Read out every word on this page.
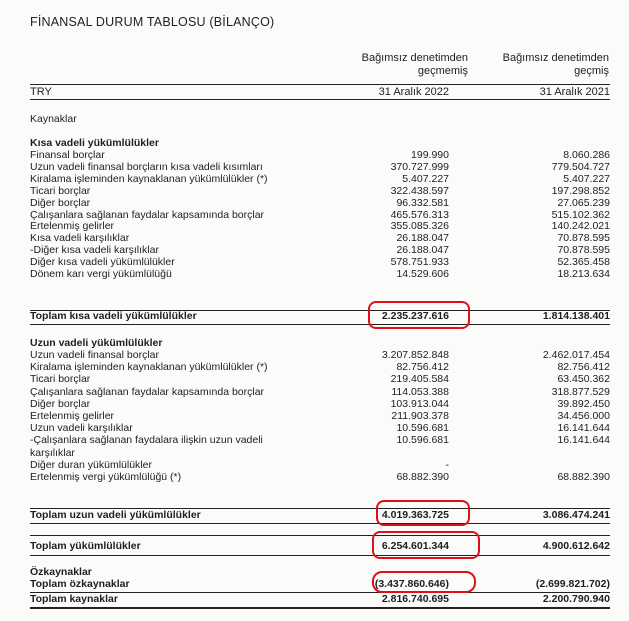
FİNANSAL DURUM TABLOSU (BİLANÇO)
Bağımsız denetimden
geçmemiş
Bağımsız denetimden
geçmiş
TRY	31 Aralık 2022	31 Aralık 2021
Kaynaklar
Kısa vadeli yükümlülükler
Finansal borçlar	199.990	8.060.286
Uzun vadeli finansal borçların kısa vadeli kısımları	370.727.999	779.504.727
Kiralama işleminden kaynaklanan yükümlülükler (*)	5.407.227	5.407.227
Ticari borçlar	322.438.597	197.298.852
Diğer borçlar	96.332.581	27.065.239
Çalışanlara sağlanan faydalar kapsamında borçlar	465.576.313	515.102.362
Ertelenmiş gelirler	355.085.326	140.242.021
Kısa vadeli karşılıklar	26.188.047	70.878.595
-Diğer kısa vadeli karşılıklar	26.188.047	70.878.595
Diğer kısa vadeli yükümlülükler	578.751.933	52.365.458
Dönem karı vergi yükümlülüğü	14.529.606	18.213.634
Toplam kısa vadeli yükümlülükler	2.235.237.616	1.814.138.401
Uzun vadeli yükümlülükler
Uzun vadeli finansal borçlar	3.207.852.848	2.462.017.454
Kiralama işleminden kaynaklanan yükümlülükler (*)	82.756.412	82.756.412
Ticari borçlar	219.405.584	63.450.362
Çalışanlara sağlanan faydalar kapsamında borçlar	114.053.388	318.877.529
Diğer borçlar	103.913.044	39.892.450
Ertelenmiş gelirler	211.903.378	34.456.000
Uzun vadeli karşılıklar	10.596.681	16.141.644
-Çalışanlara sağlanan faydalara ilişkin uzun vadeli	10.596.681	16.141.644
karşılıklar
Diğer duran yükümlülükler	-
Ertelenmiş vergi yükümlülüğü (*)	68.882.390	68.882.390
Toplam uzun vadeli yükümlülükler	4.019.363.725	3.086.474.241
Toplam yükümlülükler	6.254.601.344	4.900.612.642
Özkaynaklar
Toplam özkaynaklar	(3.437.860.646)	(2.699.821.702)
Toplam kaynaklar	2.816.740.695	2.200.790.940
